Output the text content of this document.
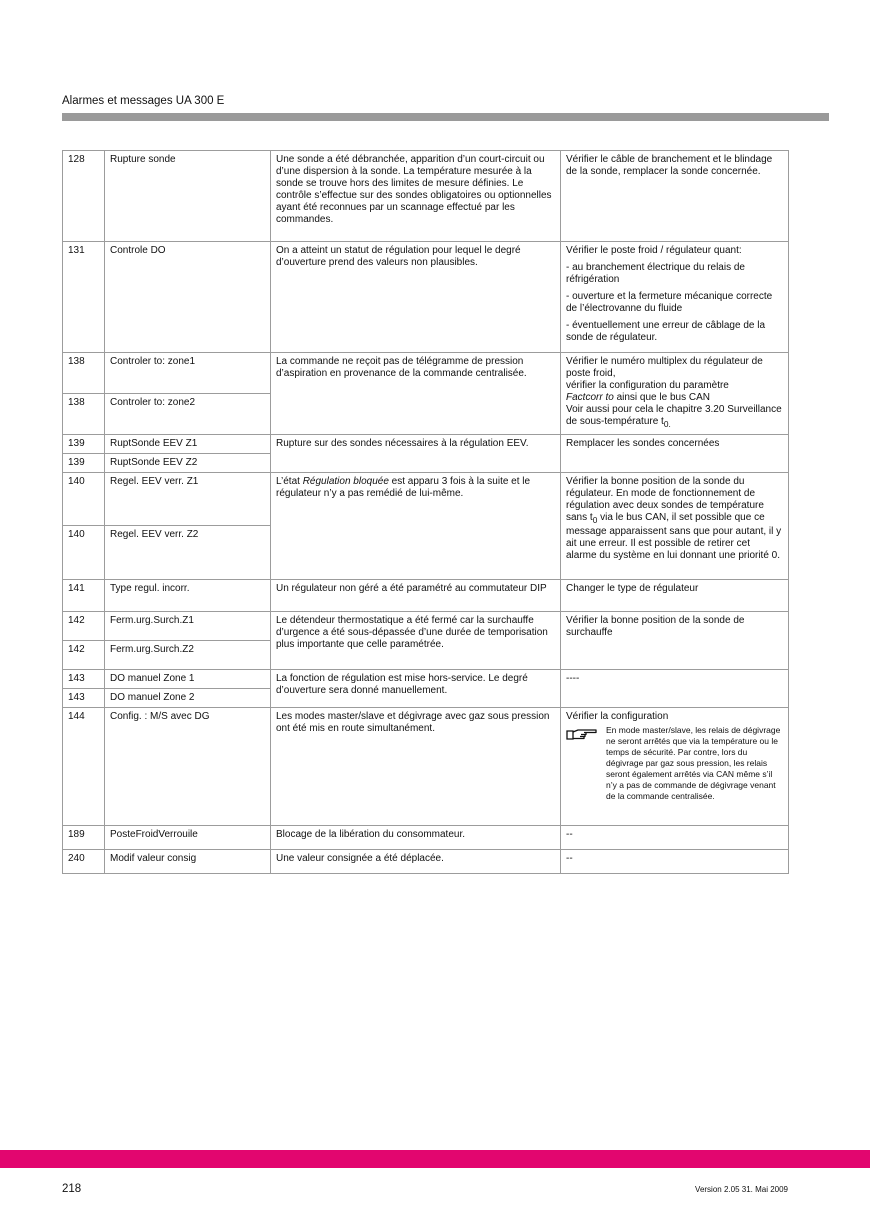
Alarmes et messages UA 300 E
128	Rupture sonde	Une sonde a été débranchée, apparition d’un court-circuit ou d’une dispersion à la sonde. La température mesurée à la sonde se trouve hors des limites de mesure définies. Le contrôle s’effectue sur des sondes obligatoires ou optionnelles ayant été reconnues par un scannage effectué par les commandes.	Vérifier le câble de branchement et le blindage de la sonde, remplacer la sonde concernée.
131	Controle DO	On a atteint un statut de régulation pour lequel le degré d’ouverture prend des valeurs non plausibles.	Vérifier le poste froid / régulateur quant:
- au branchement électrique du relais de réfrigération
- ouverture et la fermeture mécanique correcte de l’électrovanne du fluide
- éventuellement une erreur de câblage de la sonde de régulateur.

138	Controler to: zone1	La commande ne reçoit pas de télégramme de pression d’aspiration en provenance de la commande centralisée.	Vérifier le numéro multiplex du régulateur de poste froid,
vérifier la configuration du paramètre
Factcorr to ainsi que le bus CAN
Voir aussi pour cela le chapitre 3.20 Surveillance de sous-température $t_{0.}$
138	Controler to: zone2		
139	RuptSonde EEV Z1	Rupture sur des sondes nécessaires à la régulation EEV.	Remplacer les sondes concernées
139	RuptSonde EEV Z2		
140	Regel. EEV verr. Z1	L’état Régulation bloquée est apparu 3 fois à la suite et le régulateur n’y a pas remédié de lui-même.	Vérifier la bonne position de la sonde du régulateur. En mode de fonctionnement de régulation avec deux sondes de température sans $t_0$ via le bus CAN, il set possible que ce message apparaissent sans que pour autant, il y ait une erreur. Il est possible de retirer cet alarme du système en lui donnant une priorité 0.
140	Regel. EEV verr. Z2		
141	Type regul. incorr.	Un régulateur non géré a été paramétré au commutateur DIP	Changer le type de régulateur
142	Ferm.urg.Surch.Z1	Le détendeur thermostatique a été fermé car la surchauffe d’urgence a été sous-dépassée d’une durée de temporisation plus importante que celle paramétrée.	Vérifier la bonne position de la sonde de surchauffe
142	Ferm.urg.Surch.Z2		
143	DO manuel Zone 1	La fonction de régulation est mise hors-service. Le degré d’ouverture sera donné manuellement.	----
143	DO manuel Zone 2		
144	Config. : M/S avec DG	Les modes master/slave et dégivrage avec gaz sous pression ont été mis en route simultanément.	Vérifier la configuration
En mode master/slave, les relais de dégivrage ne seront arrêtés que via la température ou le temps de sécurité. Par contre, lors du dégivrage par gaz sous pression, les relais seront également arrêtés via CAN même s’il n’y a pas de commande de dégivrage venant de la commande centralisée.

189	PosteFroidVerrouile	Blocage de la libération du consommateur.	--
240	Modif valeur consig	Une valeur consignée a été déplacée.	--
218	Version 2.05 31. Mai 2009
